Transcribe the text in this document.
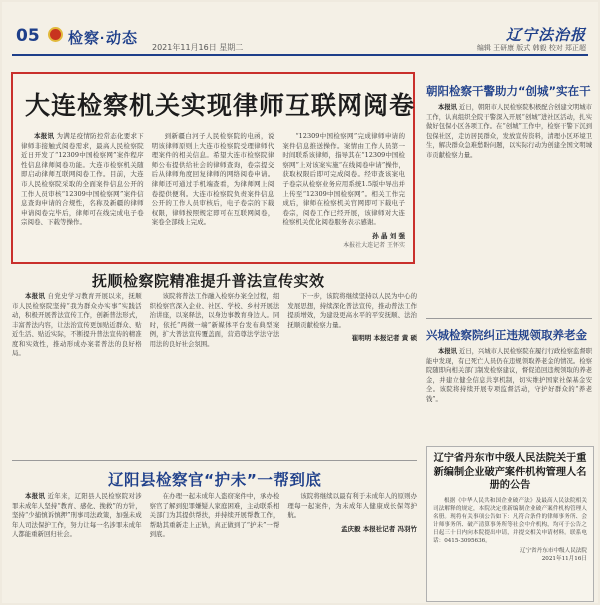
05 检察·动态
2021年11月16日 星期二
辽宁法治报
编辑 王研康 版式 韩毅 校对 郑正超
大连检察机关实现律师互联网阅卷

本报讯 为满足疫情防控常态化要求下律师非接触式阅卷需求，最高人民检察院近日开发了“12309中国检察网”案件程序性信息律师阅卷功能。大连市检察机关随即启动律师互联网阅卷工作。目前，大连市人民检察院采取的全面案件信息公开的工作人员审核“12309中国检察网”案件信息查询申请的合规性，名称及新疆的律师申请阅卷完毕后，律师可在线完成电子卷宗阅卷、下载等操作。

到新疆白河子人民检察院的电函，说明该律师原则上大连市检察院受理律师代理案件的相关信息。希望大连市检察院律师公布提供给社会的律师查询，卷宗提交后从律师角度回复律师的网络阅卷申请。律师还可通过手机端查看，为律师网上阅卷提供便利。大连市检察院负责案件信息公开的工作人员审核后，电子卷宗的下载权限，律师按照规定即可在互联网阅卷，案卷全部线上完成。

“12309中国检察网”完成律师申请的案件信息推送操作。案情由工作人员第一时间联系该律师，指导其在“12309中国检察网”上对该案实施“在线阅卷申请”操作，获取权限后即可完成阅卷。经审查该案电子卷宗从检察业务应用系统1.5版中导出并上传至“12309中国检察网”。相关工作完成后，律师在检察机关官网即可下载电子卷宗，阅卷工作已经开展，该律师对大连检察机关优化阅卷服务表示感谢。
孙 晶 刘 强
本报社大连记者 王怀实

朝阳检察干警助力“创城”实在干

本报讯 近日，朝阳市人民检察院积极配合创建文明城市工作，认真组织全院干警深入开展“创城”进社区活动，扎实做好包保小区各项工作。在“创城”工作中，检察干警下沉到包保社区，走访居民群众，发放宣传资料，清理小区环境卫生，解决群众急难愁盼问题，以实际行动为创建全国文明城市贡献检察力量。

兴城检察院纠正违规领取养老金

本报讯 近日，兴城市人民检察院在履行行政检察监督职能中发现，有已死亡人员仍在违规领取养老金的情况。检察院随即向相关部门制发检察建议，督促追回违规领取的养老金，并建立健全信息共享机制，切实维护国家社保基金安全。该院将持续开展专项监督活动，守护好群众的“养老钱”。

抚顺检察院精准提升普法宣传实效

本报讯 自党史学习教育开展以来，抚顺市人民检察院坚持“我为群众办实事”实践活动，积极开展普法宣传工作，创新普法形式，丰富普法内容，让法治宣传更加贴近群众、贴近生活、贴近实际，不断提升普法宣传的精准度和实效性，推动形成办案者普法的良好格局。

该院将普法工作融入检察办案全过程，组织检察官深入企业、社区、学校、乡村开展法治讲座，以案释法，以身边事教育身边人。同时，依托“两微一端”新媒体平台发布典型案例，扩大普法宣传覆盖面，营造尊法学法守法用法的良好社会氛围。

下一步，该院将继续坚持以人民为中心的发展思想，持续深化普法宣传，推动普法工作提质增效，为建设更高水平的平安抚顺、法治抚顺贡献检察力量。
崔明明 本报记者 黄 硕

辽阳县检察官“护未”一帮到底

本报讯 近年来，辽阳县人民检察院对涉罪未成年人坚持“教育、感化、挽救”的方针，坚持“少捕慎诉慎押”刑事司法政策，加强未成年人司法保护工作，努力让每一名涉罪未成年人都能重新回归社会。

在办理一起未成年人盗窃案件中，承办检察官了解到犯罪嫌疑人家庭困难，主动联系相关部门为其提供帮扶，并持续开展帮教工作，帮助其重新走上正轨，真正做到了“护未”一帮到底。

该院将继续以最有利于未成年人的原则办理每一起案件，为未成年人健康成长保驾护航。
孟庆毅 本报社记者 冯羽竹

辽宁省丹东市中级人民法院关于重新编制企业破产案件机构管理人名册的公告

根据《中华人民共和国企业破产法》及最高人民法院相关司法解释的规定，本院决定重新编制企业破产案件机构管理人名册。现将有关事项公告如下：凡符合条件的律师事务所、会计师事务所、破产清算事务所等社会中介机构，均可于公告之日起三十日内向本院提出申请，并提交相关申请材料。联系电话：0415-3095636。

辽宁省丹东市中级人民法院
2021年11月16日
